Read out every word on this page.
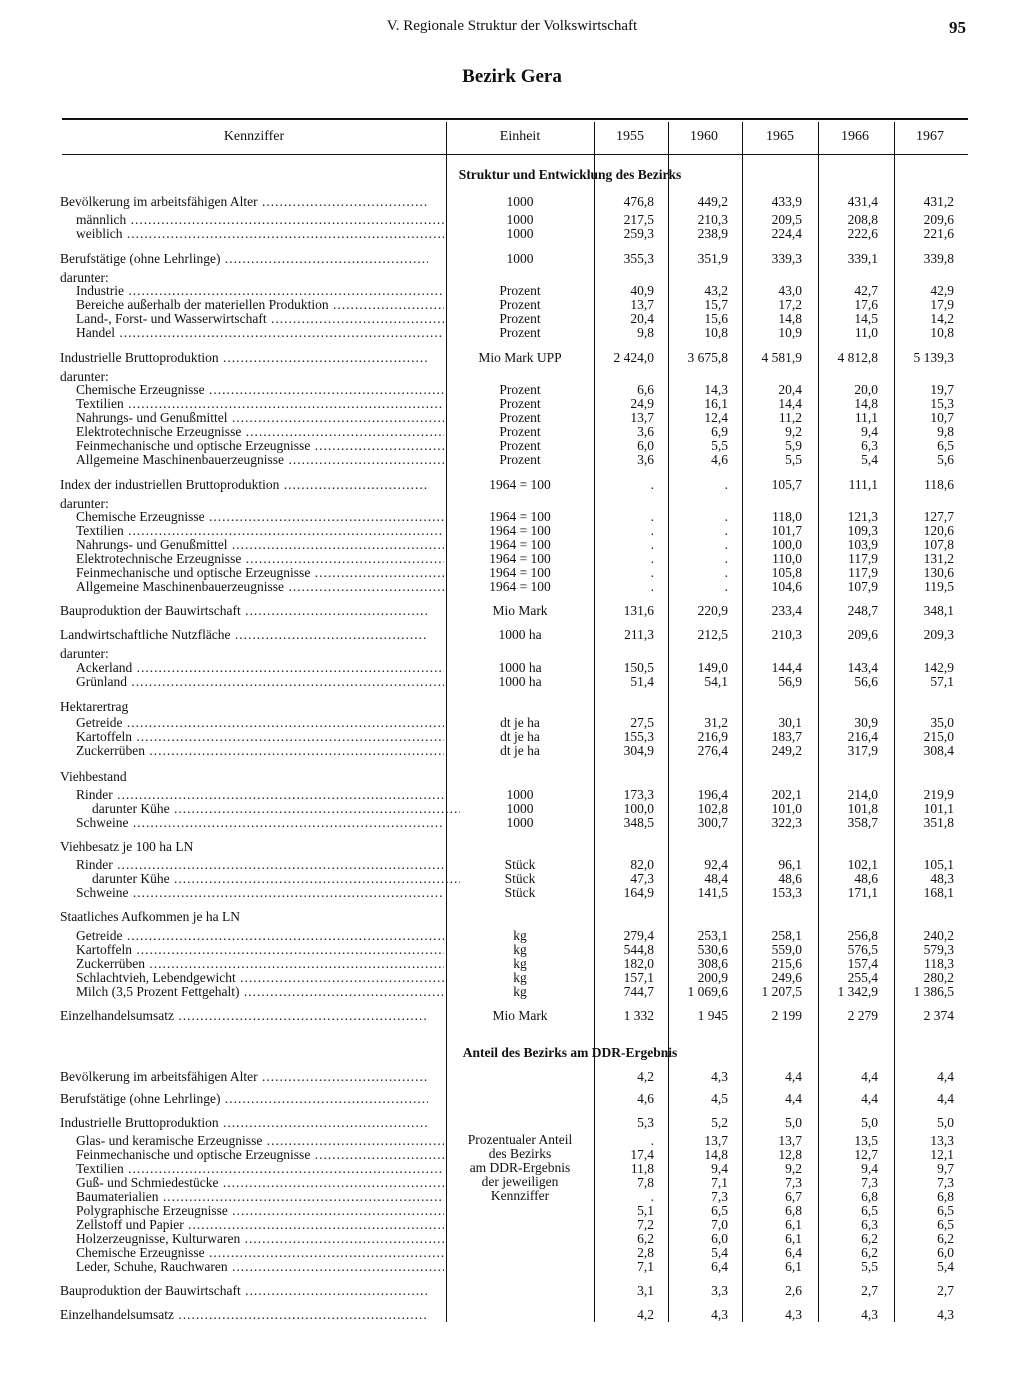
V. Regionale Struktur der Volkswirtschaft	95
Bezirk Gera
Kennziffer	Einheit	1955	1960	1965	1966	1967
Struktur und Entwicklung des Bezirks
Bevölkerung im arbeitsfähigen Alter .....	1000	476,8	449,2	433,9	431,4	431,2
männlich .....	1000	217,5	210,3	209,5	208,8	209,6
weiblich .....	1000	259,3	238,9	224,4	222,6	221,6
Berufstätige (ohne Lehrlinge) .....	1000	355,3	351,9	339,3	339,1	339,8
darunter:
Industrie .....	Prozent	40,9	43,2	43,0	42,7	42,9
Bereiche außerhalb der materiellen Produktion .....	Prozent	13,7	15,7	17,2	17,6	17,9
Land-, Forst- und Wasserwirtschaft .....	Prozent	20,4	15,6	14,8	14,5	14,2
Handel .....	Prozent	9,8	10,8	10,9	11,0	10,8
Industrielle Bruttoproduktion .....	Mio Mark UPP	2 424,0	3 675,8	4 581,9	4 812,8	5 139,3
darunter:
Chemische Erzeugnisse .....	Prozent	6,6	14,3	20,4	20,0	19,7
Textilien .....	Prozent	24,9	16,1	14,4	14,8	15,3
Nahrungs- und Genußmittel .....	Prozent	13,7	12,4	11,2	11,1	10,7
Elektrotechnische Erzeugnisse .....	Prozent	3,6	6,9	9,2	9,4	9,8
Feinmechanische und optische Erzeugnisse .....	Prozent	6,0	5,5	5,9	6,3	6,5
Allgemeine Maschinenbauerzeugnisse .....	Prozent	3,6	4,6	5,5	5,4	5,6
Index der industriellen Bruttoproduktion .....	1964 = 100	.	.	105,7	111,1	118,6
darunter:
Chemische Erzeugnisse .....	1964 = 100	.	.	118,0	121,3	127,7
Textilien .....	1964 = 100	.	.	101,7	109,3	120,6
Nahrungs- und Genußmittel .....	1964 = 100	.	.	100,0	103,9	107,8
Elektrotechnische Erzeugnisse .....	1964 = 100	.	.	110,0	117,9	131,2
Feinmechanische und optische Erzeugnisse .....	1964 = 100	.	.	105,8	117,9	130,6
Allgemeine Maschinenbauerzeugnisse .....	1964 = 100	.	.	104,6	107,9	119,5
Bauproduktion der Bauwirtschaft .....	Mio Mark	131,6	220,9	233,4	248,7	348,1
Landwirtschaftliche Nutzfläche .....	1000 ha	211,3	212,5	210,3	209,6	209,3
darunter:
Ackerland .....	1000 ha	150,5	149,0	144,4	143,4	142,9
Grünland .....	1000 ha	51,4	54,1	56,9	56,6	57,1
Hektarertrag
Getreide .....	dt je ha	27,5	31,2	30,1	30,9	35,0
Kartoffeln .....	dt je ha	155,3	216,9	183,7	216,4	215,0
Zuckerrüben .....	dt je ha	304,9	276,4	249,2	317,9	308,4
Viehbestand
Rinder .....	1000	173,3	196,4	202,1	214,0	219,9
darunter Kühe .....	1000	100,0	102,8	101,0	101,8	101,1
Schweine .....	1000	348,5	300,7	322,3	358,7	351,8
Viehbesatz je 100 ha LN
Rinder .....	Stück	82,0	92,4	96,1	102,1	105,1
darunter Kühe .....	Stück	47,3	48,4	48,6	48,6	48,3
Schweine .....	Stück	164,9	141,5	153,3	171,1	168,1
Staatliches Aufkommen je ha LN
Getreide .....	kg	279,4	253,1	258,1	256,8	240,2
Kartoffeln .....	kg	544,8	530,6	559,0	576,5	579,3
Zuckerrüben .....	kg	182,0	308,6	215,6	157,4	118,3
Schlachtvieh, Lebendgewicht .....	kg	157,1	200,9	249,6	255,4	280,2
Milch (3,5 Prozent Fettgehalt) .....	kg	744,7	1 069,6	1 207,5	1 342,9	1 386,5
Einzelhandelsumsatz .....	Mio Mark	1 332	1 945	2 199	2 279	2 374
Anteil des Bezirks am DDR-Ergebnis
Bevölkerung im arbeitsfähigen Alter .....	4,2	4,3	4,4	4,4	4,4
Berufstätige (ohne Lehrlinge) .....	4,6	4,5	4,4	4,4	4,4
Industrielle Bruttoproduktion .....	5,3	5,2	5,0	5,0	5,0
Glas- und keramische Erzeugnisse .....	.	13,7	13,7	13,5	13,3
Feinmechanische und optische Erzeugnisse .....	17,4	14,8	12,8	12,7	12,1
Textilien .....	11,8	9,4	9,2	9,4	9,7
Guß- und Schmiedestücke .....	7,8	7,1	7,3	7,3	7,3
Baumaterialien .....	.	7,3	6,7	6,8	6,8
Polygraphische Erzeugnisse .....	5,1	6,5	6,8	6,5	6,5
Zellstoff und Papier .....	7,2	7,0	6,1	6,3	6,5
Holzerzeugnisse, Kulturwaren .....	6,2	6,0	6,1	6,2	6,2
Chemische Erzeugnisse .....	2,8	5,4	6,4	6,2	6,0
Leder, Schuhe, Rauchwaren .....	7,1	6,4	6,1	5,5	5,4
Bauproduktion der Bauwirtschaft .....	3,1	3,3	2,6	2,7	2,7
Einzelhandelsumsatz .....	4,2	4,3	4,3	4,3	4,3
Prozentualer Anteil
des Bezirks
am DDR-Ergebnis
der jeweiligen
Kennziffer
